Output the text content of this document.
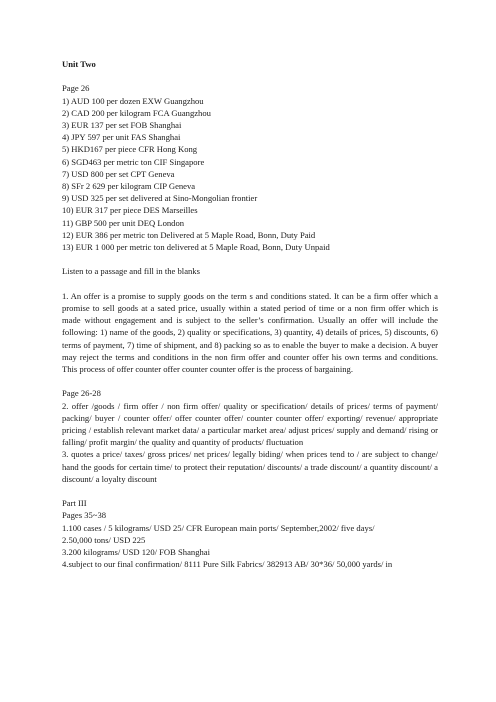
Unit Two
Page 26
1) AUD 100 per dozen EXW Guangzhou
2) CAD 200 per kilogram FCA Guangzhou
3) EUR 137 per set FOB Shanghai
4) JPY 597 per unit FAS Shanghai
5) HKD167 per piece CFR Hong Kong
6) SGD463 per metric ton CIF Singapore
7) USD 800 per set CPT Geneva
8) SFr 2 629 per kilogram CIP Geneva
9) USD 325 per set delivered at Sino-Mongolian frontier
10) EUR 317 per piece DES Marseilles
11) GBP 500 per unit DEQ London
12) EUR 386 per metric ton Delivered at 5 Maple Road, Bonn, Duty Paid
13) EUR 1 000 per metric ton delivered at 5 Maple Road, Bonn, Duty Unpaid
Listen to a passage and fill in the blanks
1. An offer is a promise to supply goods on the term s and conditions stated. It can be a firm offer which a promise to sell goods at a sated price, usually within a stated period of time or a non firm offer which is made without engagement and is subject to the seller’s confirmation. Usually an offer will include the following: 1) name of the goods, 2) quality or specifications, 3) quantity, 4) details of prices, 5) discounts, 6) terms of payment, 7) time of shipment, and 8) packing so as to enable the buyer to make a decision. A buyer may reject the terms and conditions in the non firm offer and counter offer his own terms and conditions. This process of offer counter offer counter counter offer is the process of bargaining.
Page 26-28
2. offer /goods / firm offer / non firm offer/ quality or specification/ details of prices/ terms of payment/ packing/ buyer / counter offer/ offer counter offer/ counter counter offer/ exporting/ revenue/ appropriate pricing / establish relevant market data/ a particular market area/ adjust prices/ supply and demand/ rising or falling/ profit margin/ the quality and quantity of products/ fluctuation
3. quotes a price/ taxes/ gross prices/ net prices/ legally biding/ when prices tend to / are subject to change/ hand the goods for certain time/ to protect their reputation/ discounts/ a trade discount/ a quantity discount/ a discount/ a loyalty discount
Part III
Pages 35~38
1.100 cases / 5 kilograms/ USD 25/ CFR European main ports/ September,2002/ five days/
2.50,000 tons/ USD 225
3.200 kilograms/ USD 120/ FOB Shanghai
4.subject to our final confirmation/ 8111 Pure Silk Fabrics/ 382913 AB/ 30*36/ 50,000 yards/ in
